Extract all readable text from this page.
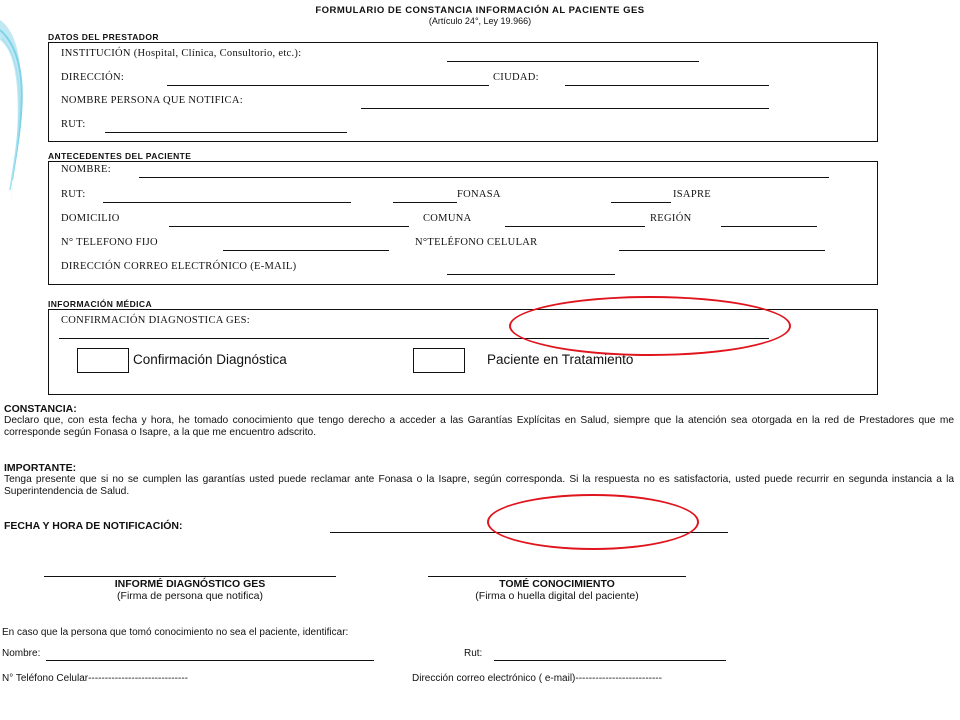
FORMULARIO DE CONSTANCIA INFORMACIÓN AL PACIENTE GES
(Artículo 24°, Ley 19.966)
DATOS DEL PRESTADOR
INSTITUCIÓN (Hospital, Clínica, Consultorio, etc.):
DIRECCIÓN:	CIUDAD:
NOMBRE PERSONA QUE NOTIFICA:
RUT:
ANTECEDENTES DEL PACIENTE
NOMBRE:
RUT:	FONASA	ISAPRE
DOMICILIO	COMUNA	REGIÓN
N° TELEFONO FIJO	N°TELÉFONO CELULAR
DIRECCIÓN CORREO ELECTRÓNICO (E-MAIL)
INFORMACIÓN MÉDICA
CONFIRMACIÓN DIAGNOSTICA GES:
Confirmación Diagnóstica	Paciente en Tratamiento
CONSTANCIA:
Declaro que, con esta fecha y hora, he tomado conocimiento que tengo derecho a acceder a las Garantías Explícitas en Salud, siempre que la atención sea otorgada en la red de Prestadores que me corresponde según Fonasa o Isapre, a la que me encuentro adscrito.
IMPORTANTE:
Tenga presente que si no se cumplen las garantías usted puede reclamar ante Fonasa o la Isapre, según corresponda. Si la respuesta no es satisfactoria, usted puede recurrir en segunda instancia a la Superintendencia de Salud.
FECHA Y HORA DE NOTIFICACIÓN:
INFORMÉ DIAGNÓSTICO GES
(Firma de persona que notifica)
TOMÉ CONOCIMIENTO
(Firma o huella digital del paciente)
En caso que la persona que tomó conocimiento no sea el paciente, identificar:
Nombre:	Rut:
N° Teléfono Celular------------------------------	Dirección correo electrónico ( e-mail)--------------------------
